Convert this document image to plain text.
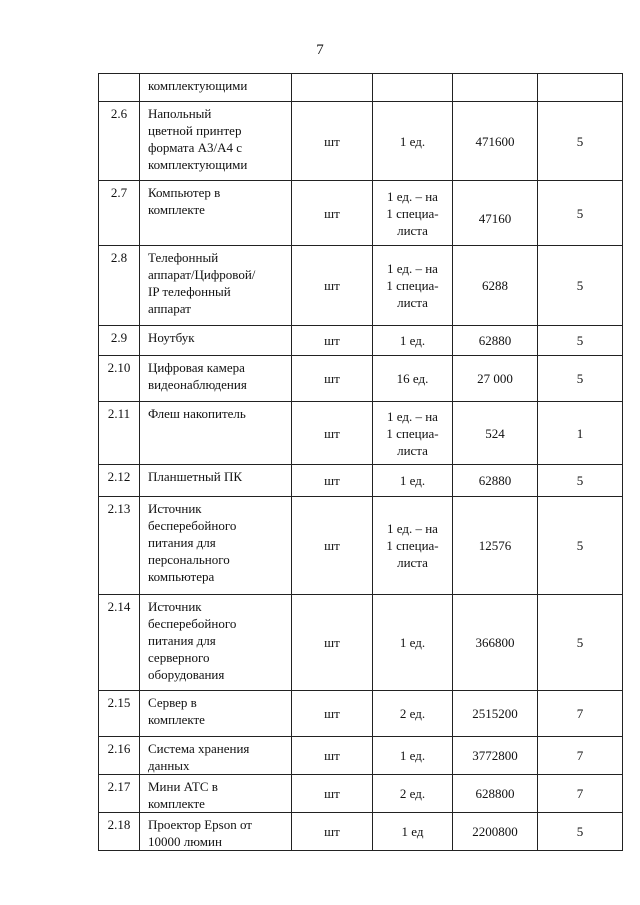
7
	комплектующими				
2.6	Напольный
цветной принтер
формата А3/А4 с
комплектующими	шт	1 ед.	471600	5
2.7	Компьютер в
комплекте	шт	1 ед. – на
1 специа-
листа	47160	5
2.8	Телефонный
аппарат/Цифровой/
IP телефонный
аппарат	шт	1 ед. – на
1 специа-
листа	6288	5
2.9	Ноутбук	шт	1 ед.	62880	5
2.10	Цифровая камера
видеонаблюдения	шт	16 ед.	27 000	5
2.11	Флеш накопитель	шт	1 ед. – на
1 специа-
листа	524	1
2.12	Планшетный ПК	шт	1 ед.	62880	5
2.13	Источник
бесперебойного
питания для
персонального
компьютера	шт	1 ед. – на
1 специа-
листа	12576	5
2.14	Источник
бесперебойного
питания для
серверного
оборудования	шт	1 ед.	366800	5
2.15	Сервер в
комплекте	шт	2 ед.	2515200	7
2.16	Система хранения
данных	шт	1 ед.	3772800	7
2.17	Мини АТС в
комплекте	шт	2 ед.	628800	7
2.18	Проектор Epson от
10000 люмин	шт	1 ед	2200800	5
